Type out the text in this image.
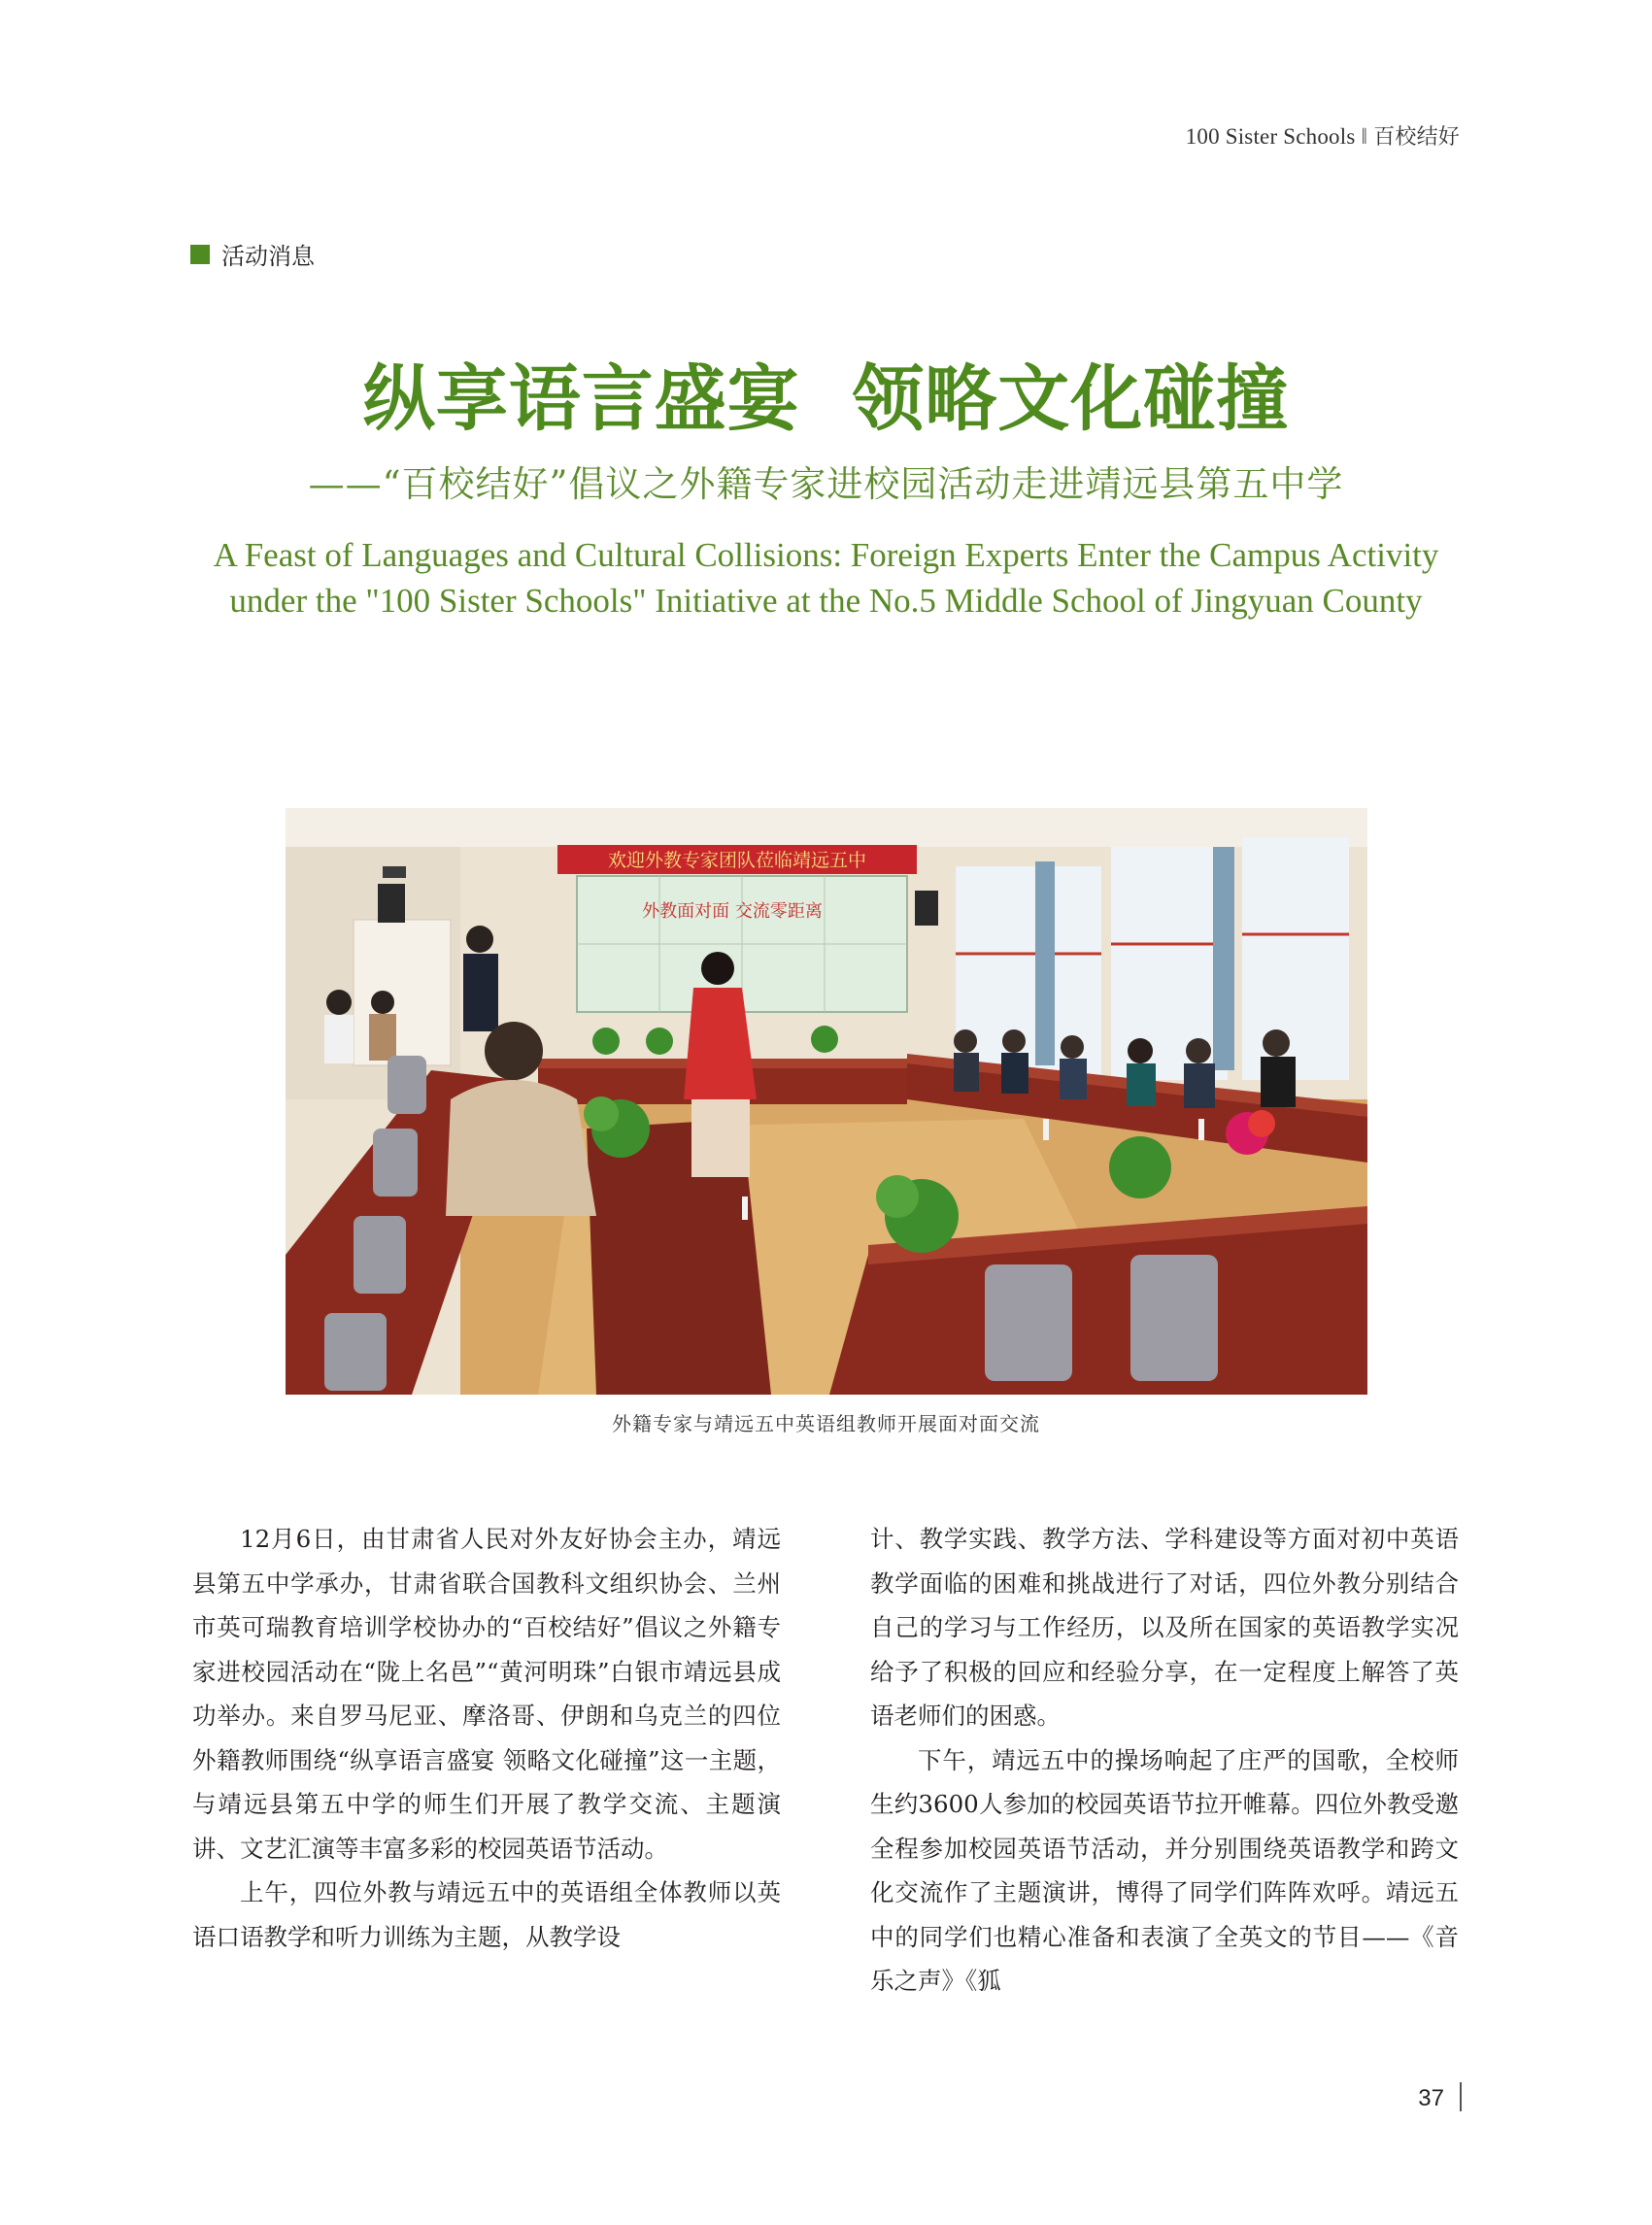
100 Sister Schools ‖ 百校结好
活动消息
纵享语言盛宴  领略文化碰撞
——“百校结好”倡议之外籍专家进校园活动走进靖远县第五中学
A Feast of Languages and Cultural Collisions: Foreign Experts Enter the Campus Activity under the "100 Sister Schools" Initiative at the No.5 Middle School of Jingyuan County
欢迎外教专家团队莅临靖远五中
外教面对面 交流零距离
外籍专家与靖远五中英语组教师开展面对面交流

12月6日，由甘肃省人民对外友好协会主办，靖远县第五中学承办，甘肃省联合国教科文组织协会、兰州市英可瑞教育培训学校协办的“百校结好”倡议之外籍专家进校园活动在“陇上名邑”“黄河明珠”白银市靖远县成功举办。来自罗马尼亚、摩洛哥、伊朗和乌克兰的四位外籍教师围绕“纵享语言盛宴 领略文化碰撞”这一主题，与靖远县第五中学的师生们开展了教学交流、主题演讲、文艺汇演等丰富多彩的校园英语节活动。

上午，四位外教与靖远五中的英语组全体教师以英语口语教学和听力训练为主题，从教学设

计、教学实践、教学方法、学科建设等方面对初中英语教学面临的困难和挑战进行了对话，四位外教分别结合自己的学习与工作经历，以及所在国家的英语教学实况给予了积极的回应和经验分享，在一定程度上解答了英语老师们的困惑。

下午，靖远五中的操场响起了庄严的国歌，全校师生约3600人参加的校园英语节拉开帷幕。四位外教受邀全程参加校园英语节活动，并分别围绕英语教学和跨文化交流作了主题演讲，博得了同学们阵阵欢呼。靖远五中的同学们也精心准备和表演了全英文的节目——《音乐之声》《狐

37
